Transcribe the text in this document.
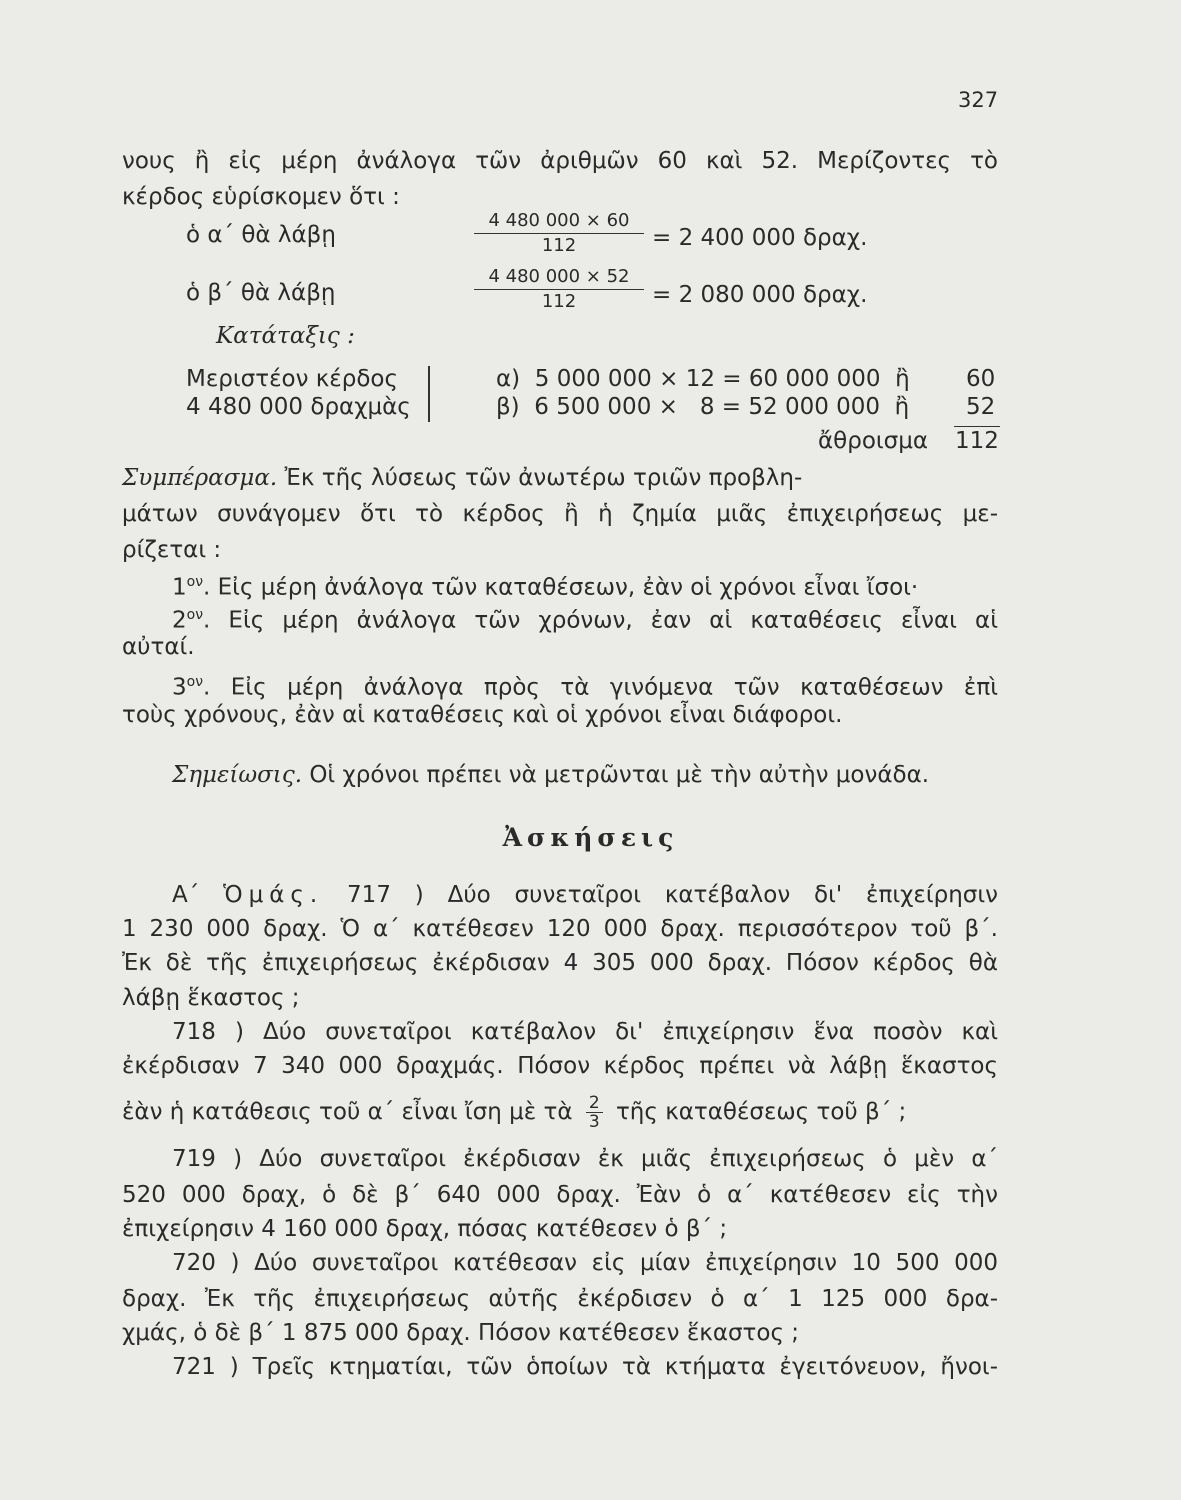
327
νους ἢ εἰς μέρη ἀνάλογα τῶν ἀριθμῶν 60 καὶ 52. Μερίζοντες τὸ
κέρδος εὑρίσκομεν ὅτι :
ὁ α΄ θὰ λάβῃ	$\frac{4 480 000 \times 60}{112} = 2$ 400 000 δραχ.
ὁ β΄ θὰ λάβῃ	$\frac{4 480 000 \times 52}{112} = 2$ 080 000 δραχ.
Κατάταξις :
Μεριστέον κέρδος
4 480 000 δραχμὰς
α)  5 000 000 × 12 = 60 000 000  ἢ 60
β)  6 500 000 ×   8 = 52 000 000  ἢ 52
ἄθροισμα 112
Συμπέρασμα. Ἐκ τῆς λύσεως τῶν ἀνωτέρω τριῶν προβλη-
μάτων συνάγομεν ὅτι τὸ κέρδος ἢ ἡ ζημία μιᾶς ἐπιχειρήσεως με-
ρίζεται :
$1^{o\nu}$. Εἰς μέρη ἀνάλογα τῶν καταθέσεων, ἐὰν οἱ χρόνοι εἶναι ἴσοι·
$2^{o\nu}$. Εἰς μέρη ἀνάλογα τῶν χρόνων, ἐαν αἱ καταθέσεις εἶναι αἱ
αὐταί.
$3^{o\nu}$. Εἰς μέρη ἀνάλογα πρὸς τὰ γινόμενα τῶν καταθέσεων ἐπὶ
τοὺς χρόνους, ἐὰν αἱ καταθέσεις καὶ οἱ χρόνοι εἶναι διάφοροι.
Σημείωσις. Οἱ χρόνοι πρέπει νὰ μετρῶνται μὲ τὴν αὐτὴν μονάδα.
Ἀσκήσεις
Α΄ Ὁμάς. 717 ) Δύο συνεταῖροι κατέβαλον δι' ἐπιχείρησιν
1 230 000 δραχ. Ὁ α΄ κατέθεσεν 120 000 δραχ. περισσότερον τοῦ β΄.
Ἐκ δὲ τῆς ἐπιχειρήσεως ἐκέρδισαν 4 305 000 δραχ. Πόσον κέρδος θὰ
λάβῃ ἕκαστος ;
718 ) Δύο συνεταῖροι κατέβαλον δι' ἐπιχείρησιν ἕνα ποσὸν καὶ
ἐκέρδισαν 7 340 000 δραχμάς. Πόσον κέρδος πρέπει νὰ λάβῃ ἕκαστος
ἐὰν ἡ κατάθεσις τοῦ α΄ εἶναι ἴση μὲ τὰ $\frac{2}{3}$ τῆς καταθέσεως τοῦ β΄ ;
719 ) Δύο συνεταῖροι ἐκέρδισαν ἐκ μιᾶς ἐπιχειρήσεως ὁ μὲν α΄
520 000 δραχ, ὁ δὲ β΄ 640 000 δραχ. Ἐὰν ὁ α΄ κατέθεσεν εἰς τὴν
ἐπιχείρησιν 4 160 000 δραχ, πόσας κατέθεσεν ὁ β΄ ;
720 ) Δύο συνεταῖροι κατέθεσαν εἰς μίαν ἐπιχείρησιν 10 500 000
δραχ. Ἐκ τῆς ἐπιχειρήσεως αὐτῆς ἐκέρδισεν ὁ α΄ 1 125 000 δρα-
χμάς, ὁ δὲ β΄ 1 875 000 δραχ. Πόσον κατέθεσεν ἕκαστος ;
721 ) Τρεῖς κτηματίαι, τῶν ὁποίων τὰ κτήματα ἐγειτόνευον, ἤνοι-
